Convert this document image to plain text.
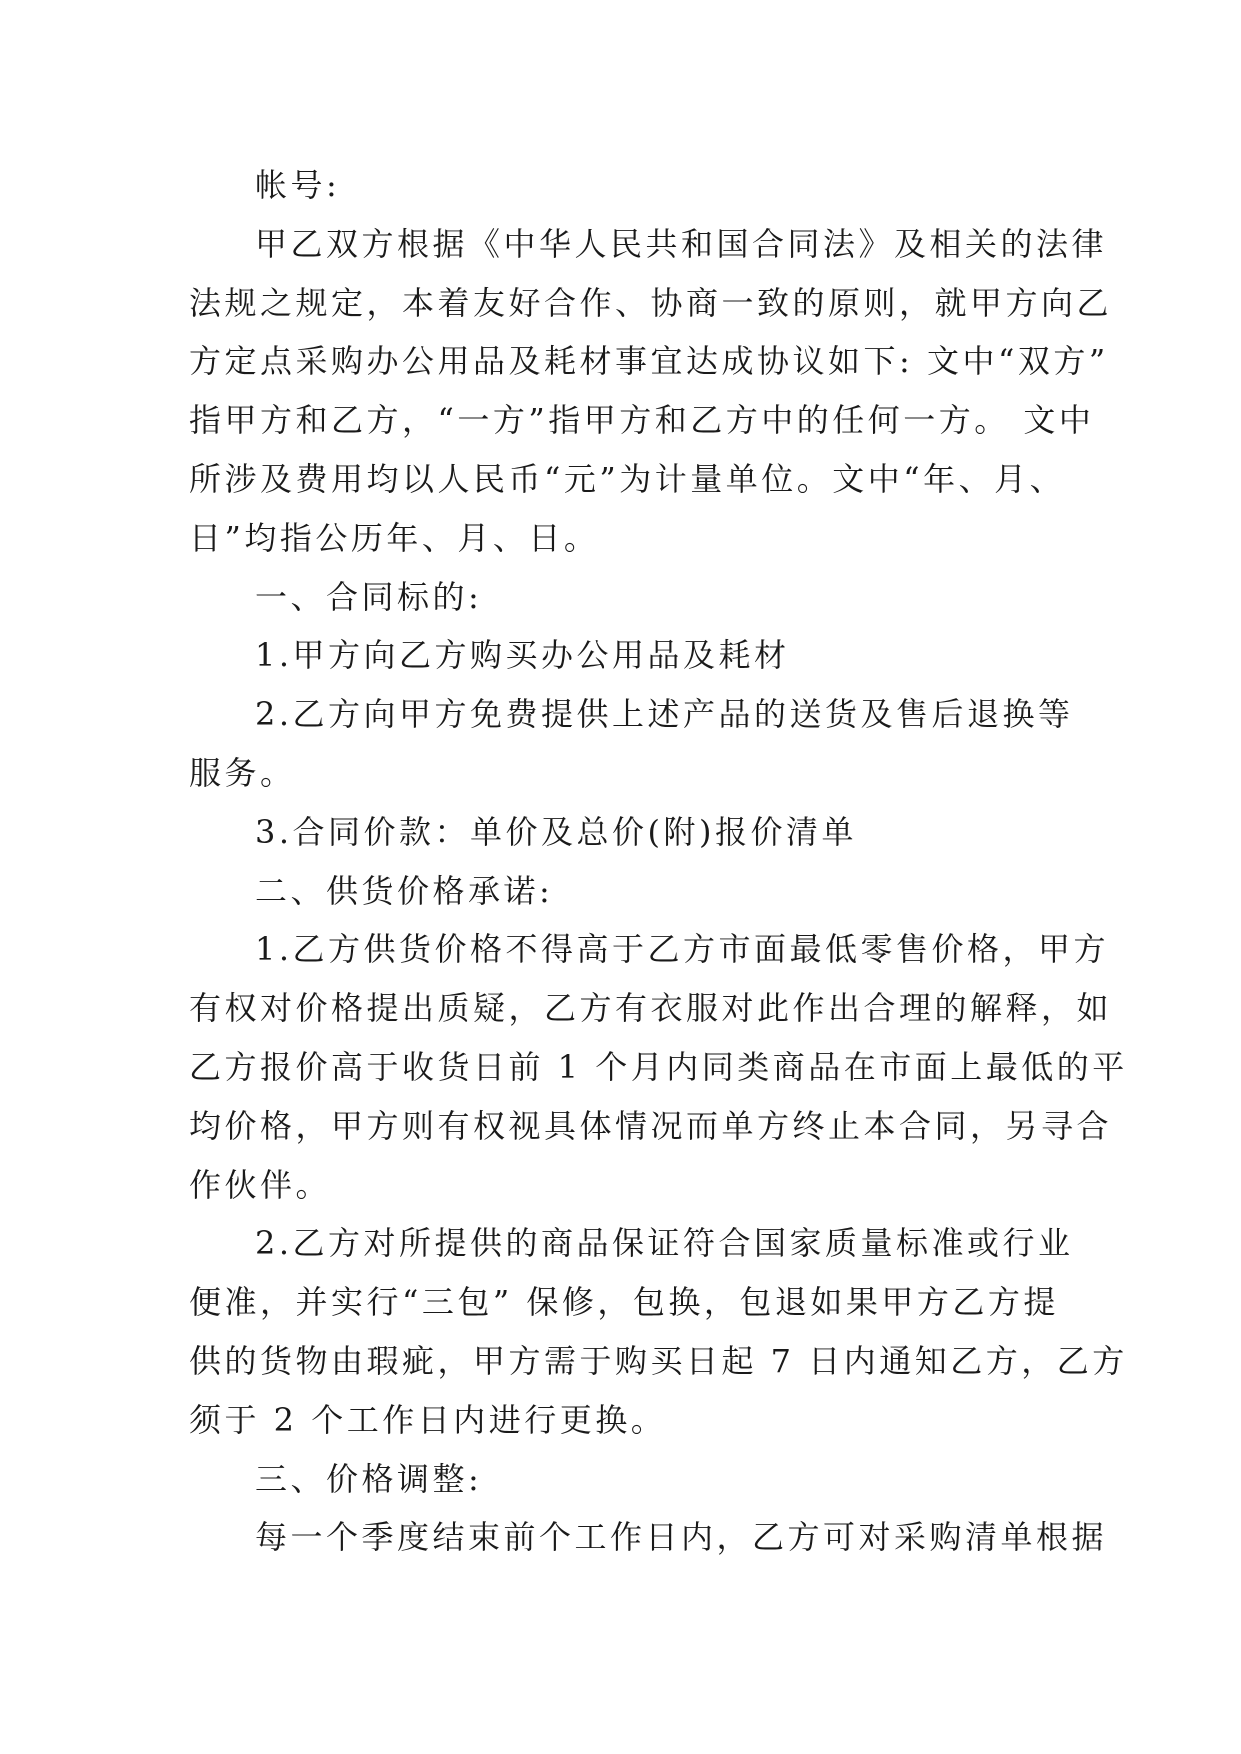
帐号:

甲乙双方根据《中华人民共和国合同法》及相关的法律
法规之规定，本着友好合作、协商一致的原则，就甲方向乙
方定点采购办公用品及耗材事宜达成协议如下: 文中“双方”
指甲方和乙方，“一方”指甲方和乙方中的任何一方。 文中
所涉及费用均以人民币“元”为计量单位。文中“年、月、
日”均指公历年、月、日。

一、合同标的:

1.甲方向乙方购买办公用品及耗材

2.乙方向甲方免费提供上述产品的送货及售后退换等
服务。

3.合同价款：单价及总价(附)报价清单

二、供货价格承诺:

1.乙方供货价格不得高于乙方市面最低零售价格，甲方
有权对价格提出质疑，乙方有衣服对此作出合理的解释，如
乙方报价高于收货日前 1 个月内同类商品在市面上最低的平
均价格，甲方则有权视具体情况而单方终止本合同，另寻合
作伙伴。

2.乙方对所提供的商品保证符合国家质量标准或行业
便准，并实行“三包” 保修，包换，包退如果甲方乙方提
供的货物由瑕疵，甲方需于购买日起 7 日内通知乙方，乙方
须于 2 个工作日内进行更换。

三、价格调整:

每一个季度结束前个工作日内，乙方可对采购清单根据
